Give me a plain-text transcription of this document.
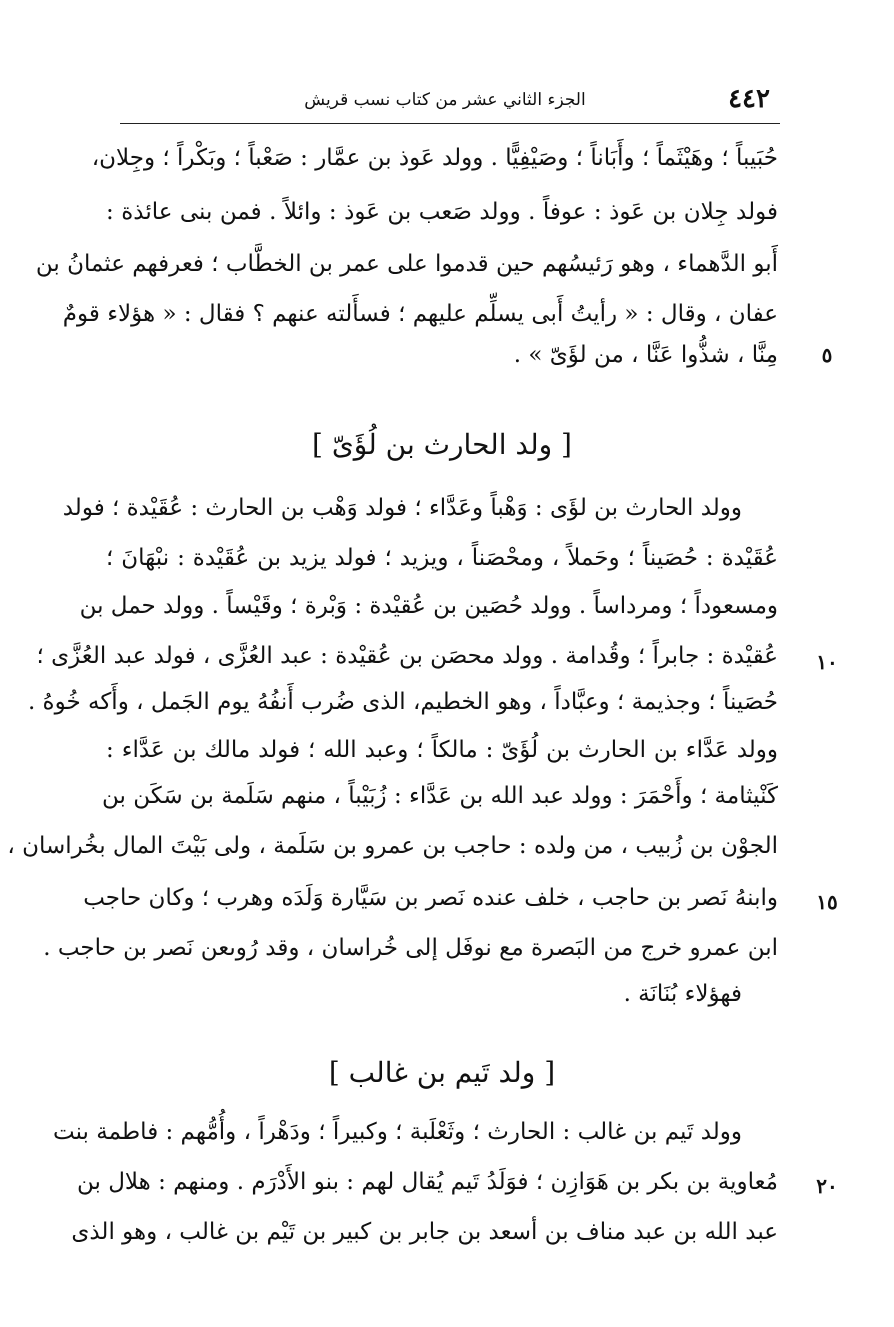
٤٤٢
الجزء الثاني عشر من كتاب نسب قريش
حُبَيباً ؛ وهَيْثَماً ؛ وأَبَاناً ؛ وصَيْفِيًّا . وولد عَوذ بن عمَّار : صَعْباً ؛ وبَكْراً ؛ وجِلان،
فولد جِلان بن عَوذ : عوفاً . وولد صَعب بن عَوذ : وائلاً . فمن بنى عائذة :
أَبو الدَّهماء ، وهو رَئيسُهم حين قدموا على عمر بن الخطَّاب ؛ فعرفهم عثمانُ بن
عفان ، وقال : « رأيتُ أَبى يسلِّم عليهم ؛ فسأَلته عنهم ؟ فقال : « هؤلاء قومٌ
مِنَّا ، شذُّوا عَنَّا ، من لؤَىّ » .	٥
[ ولد الحارث بن لُؤَىّ ]
وولد الحارث بن لؤَى : وَهْباً وعَدَّاء ؛ فولد وَهْب بن الحارث : عُقَيْدة ؛ فولد
عُقَيْدة : حُصَيناً ؛ وحَملاً ، ومحْصَناً ، ويزيد ؛ فولد يزيد بن عُقَيْدة : نبْهَانَ ؛
ومسعوداً ؛ ومرداساً . وولد حُصَين بن عُقيْدة : وَبْرة ؛ وقَيْساً . وولد حمل بن
عُقيْدة : جابراً ؛ وقُدامة . وولد محصَن بن عُقيْدة : عبد العُزَّى ، فولد عبد العُزَّى ؛	١٠
حُصَيناً ؛ وجذيمة ؛ وعبَّاداً ، وهو الخطيم، الذى ضُرب أَنفُهُ يوم الجَمل ، وأَكه خُوهُ .
وولد عَدَّاء بن الحارث بن لُؤَىّ : مالكاً ؛ وعبد الله ؛ فولد مالك بن عَدَّاء :
كَنْيثامة ؛ وأَحْمَرَ : وولد عبد الله بن عَدَّاء : زُبَيْباً ، منهم سَلَمة بن سَكَن بن
الجوْن بن زُبيب ، من ولده : حاجب بن عمرو بن سَلَمة ، ولى بَيْتَ المال بخُراسان ،
وابنهُ نَصر بن حاجب ، خلف عنده نَصر بن سَيَّارة وَلَدَه وهرب ؛ وكان حاجب	١٥
ابن عمرو خرج من البَصرة مع نوفَل إلى خُراسان ، وقد رُوىعن نَصر بن حاجب .
فهؤلاء بُنَانَة .
[ ولد تَيم بن غالب ]
وولد تَيم بن غالب : الحارث ؛ وثَعْلَبة ؛ وكبيراً ؛ ودَهْراً ، وأُمُّهم : فاطمة بنت
مُعاوية بن بكر بن هَوَازِن ؛ فوَلَدُ تَيم يُقال لهم : بنو الأَدْرَم . ومنهم : هلال بن	٢٠
عبد الله بن عبد مناف بن أسعد بن جابر بن كبير بن تَيْم بن غالب ، وهو الذى
